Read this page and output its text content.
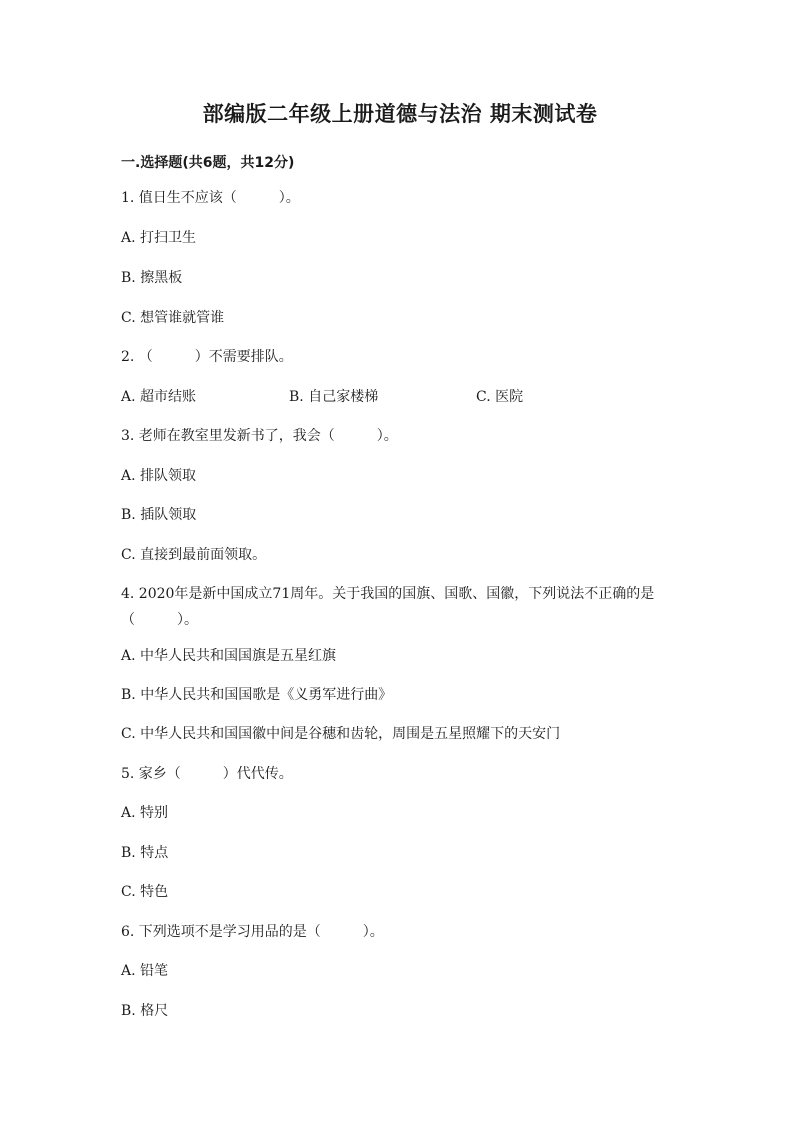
部编版二年级上册道德与法治 期末测试卷
一.选择题(共6题，共12分)
1. 值日生不应该（　　　）。
A. 打扫卫生
B. 擦黑板
C. 想管谁就管谁
2. （　　　）不需要排队。
A. 超市结账	B. 自己家楼梯	C. 医院
3. 老师在教室里发新书了，我会（　　　）。
A. 排队领取
B. 插队领取
C. 直接到最前面领取。
4. 2020年是新中国成立71周年。关于我国的国旗、国歌、国徽，下列说法不正确的是（　　　）。
A. 中华人民共和国国旗是五星红旗
B. 中华人民共和国国歌是《义勇军进行曲》
C. 中华人民共和国国徽中间是谷穗和齿轮，周围是五星照耀下的天安门
5. 家乡（　　　）代代传。
A. 特别
B. 特点
C. 特色
6. 下列选项不是学习用品的是（　　　）。
A. 铅笔
B. 格尺
